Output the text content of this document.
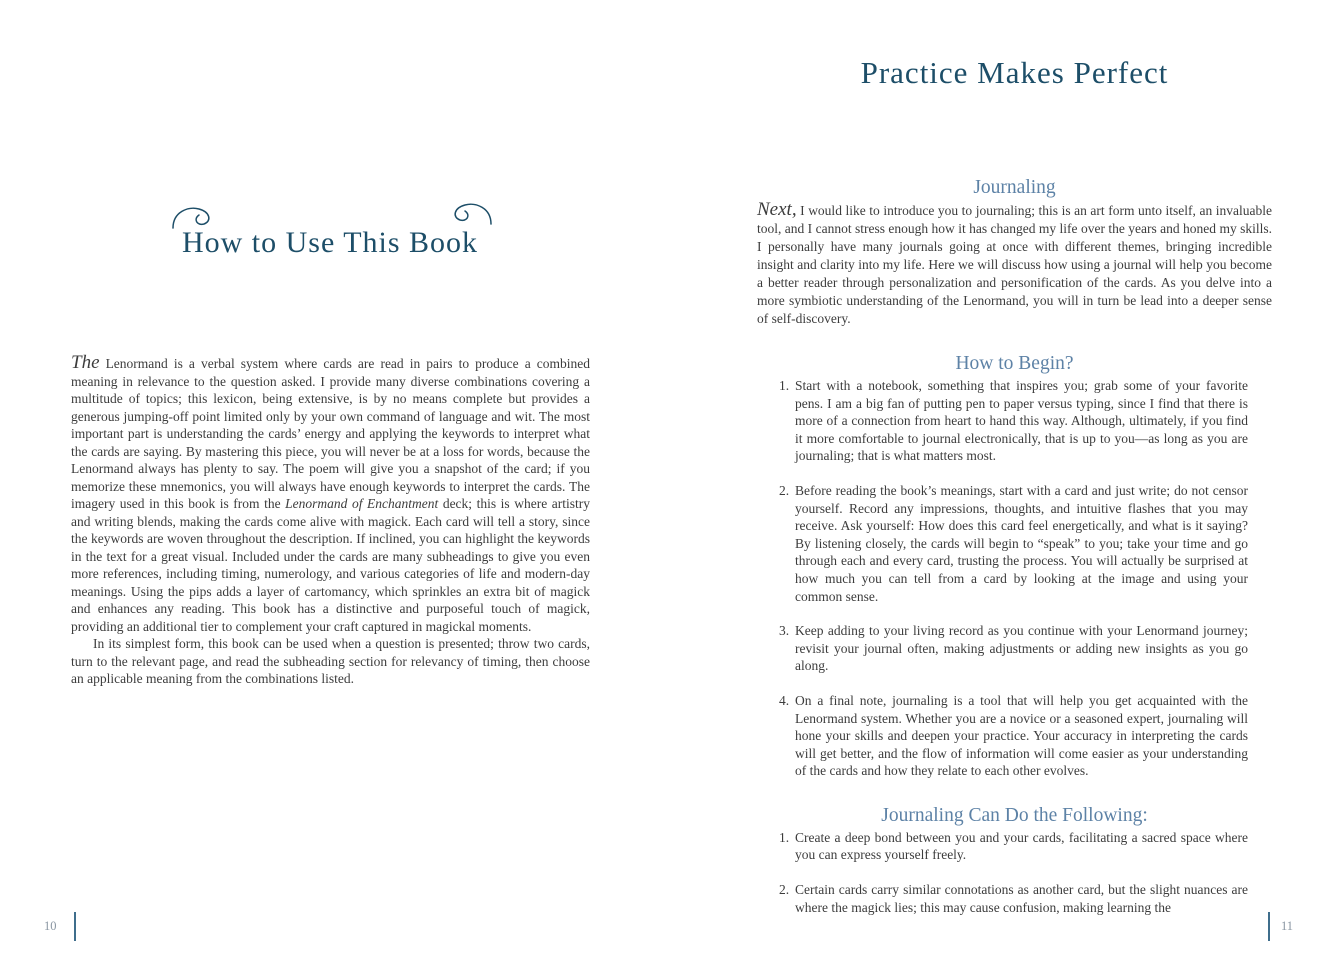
How to Use This Book

The Lenormand is a verbal system where cards are read in pairs to produce a combined meaning in relevance to the question asked. I provide many diverse combinations covering a multitude of topics; this lexicon, being extensive, is by no means complete but provides a generous jumping-off point limited only by your own command of language and wit. The most important part is understanding the cards’ energy and applying the keywords to interpret what the cards are saying. By mastering this piece, you will never be at a loss for words, because the Lenormand always has plenty to say. The poem will give you a snapshot of the card; if you memorize these mnemonics, you will always have enough keywords to interpret the cards. The imagery used in this book is from the Lenormand of Enchantment deck; this is where artistry and writing blends, making the cards come alive with magick. Each card will tell a story, since the keywords are woven throughout the description. If inclined, you can highlight the keywords in the text for a great visual. Included under the cards are many subheadings to give you even more references, including timing, numerology, and various categories of life and modern-day meanings. Using the pips adds a layer of cartomancy, which sprinkles an extra bit of magick and enhances any reading. This book has a distinctive and purposeful touch of magick, providing an additional tier to complement your craft captured in magickal moments.

In its simplest form, this book can be used when a question is presented; throw two cards, turn to the relevant page, and read the subheading section for relevancy of timing, then choose an applicable meaning from the combinations listed.

10
Practice Makes Perfect
Journaling

Next, I would like to introduce you to journaling; this is an art form unto itself, an invaluable tool, and I cannot stress enough how it has changed my life over the years and honed my skills. I personally have many journals going at once with different themes, bringing incredible insight and clarity into my life. Here we will discuss how using a journal will help you become a better reader through personalization and personification of the cards. As you delve into a more symbiotic understanding of the Lenormand, you will in turn be lead into a deeper sense of self-discovery.

How to Begin?
1. Start with a notebook, something that inspires you; grab some of your favorite pens. I am a big fan of putting pen to paper versus typing, since I find that there is more of a connection from heart to hand this way. Although, ultimately, if you find it more comfortable to journal electronically, that is up to you—as long as you are journaling; that is what matters most.
2. Before reading the book’s meanings, start with a card and just write; do not censor yourself. Record any impressions, thoughts, and intuitive flashes that you may receive. Ask yourself: How does this card feel energetically, and what is it saying? By listening closely, the cards will begin to “speak” to you; take your time and go through each and every card, trusting the process. You will actually be surprised at how much you can tell from a card by looking at the image and using your common sense.
3. Keep adding to your living record as you continue with your Lenormand journey; revisit your journal often, making adjustments or adding new insights as you go along.
4. On a final note, journaling is a tool that will help you get acquainted with the Lenormand system. Whether you are a novice or a seasoned expert, journaling will hone your skills and deepen your practice. Your accuracy in interpreting the cards will get better, and the flow of information will come easier as your understanding of the cards and how they relate to each other evolves.
Journaling Can Do the Following:
1. Create a deep bond between you and your cards, facilitating a sacred space where you can express yourself freely.
2. Certain cards carry similar connotations as another card, but the slight nuances are where the magick lies; this may cause confusion, making learning the
11
